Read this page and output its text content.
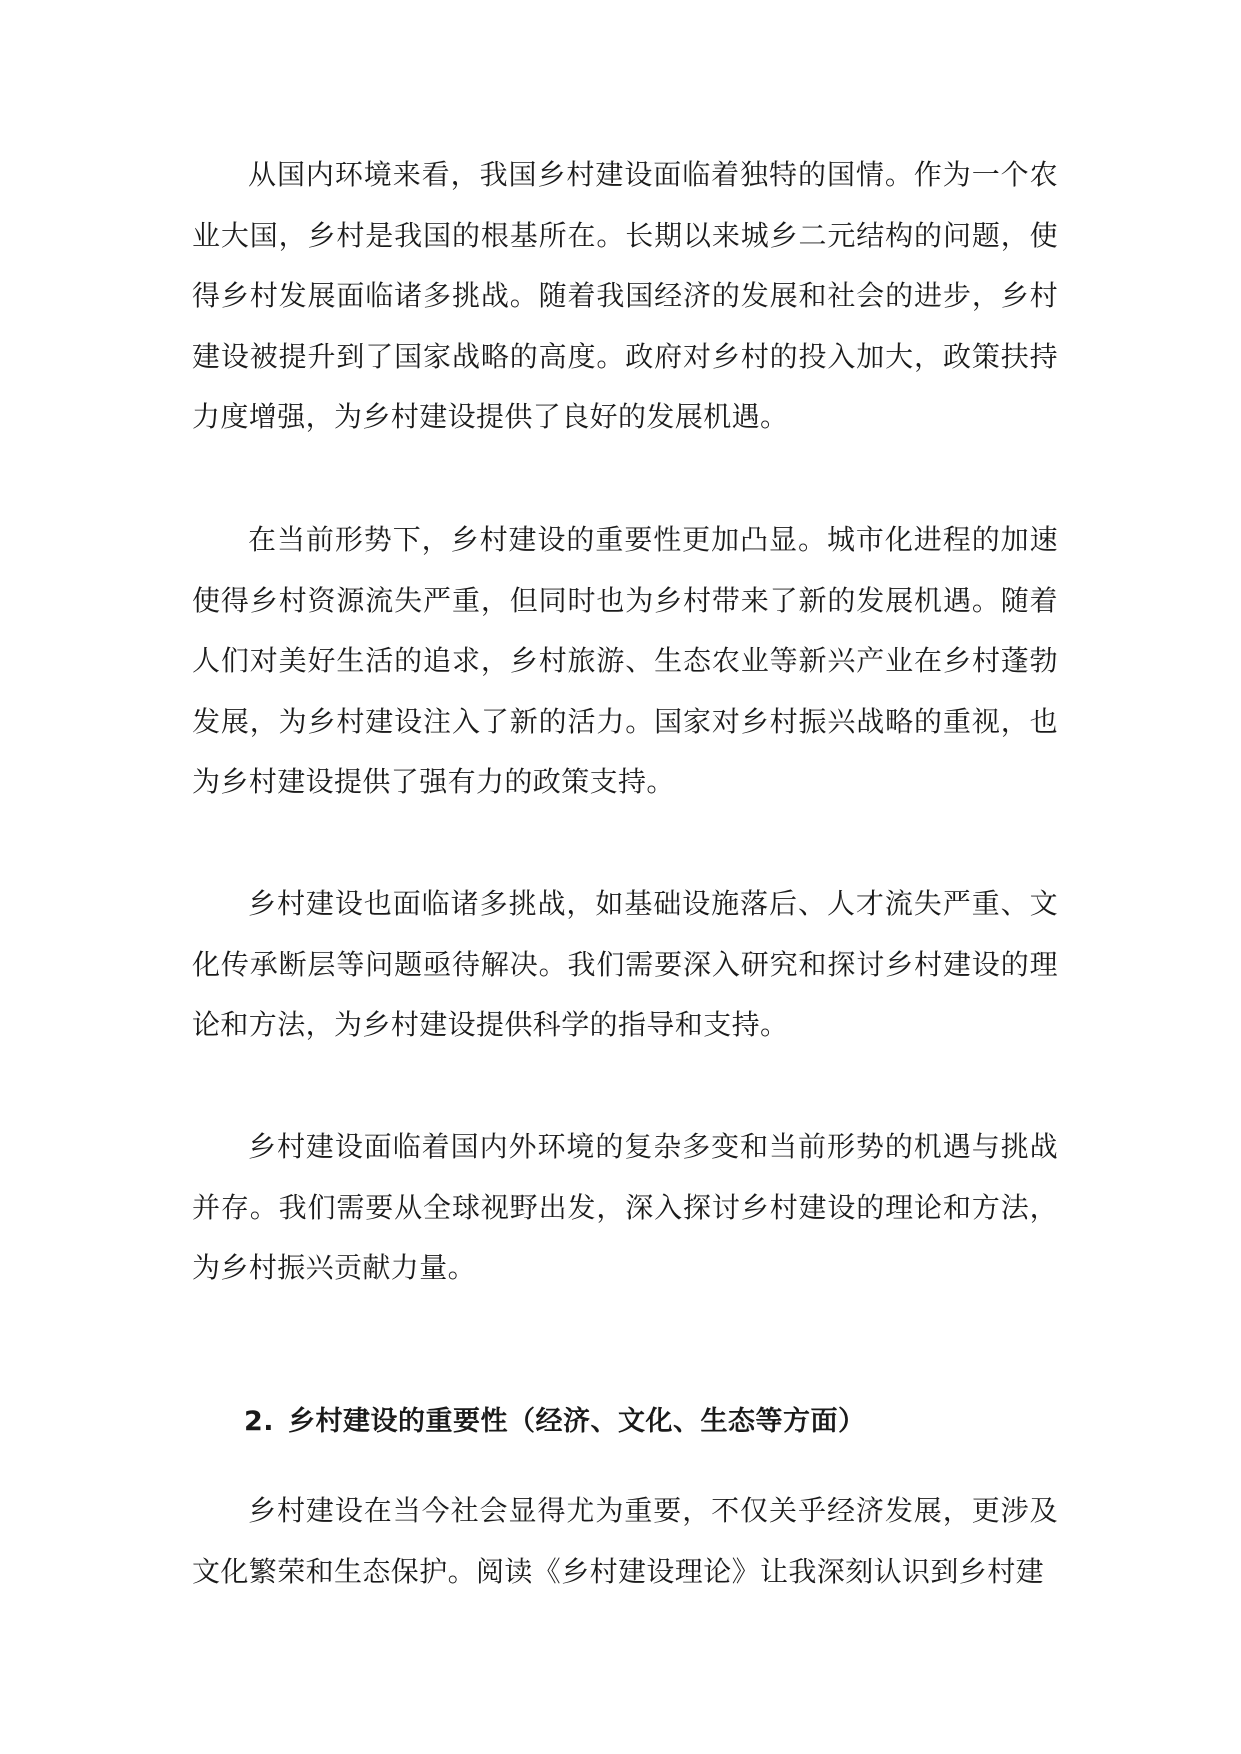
从国内环境来看，我国乡村建设面临着独特的国情。作为一个农业大国，乡村是我国的根基所在。长期以来城乡二元结构的问题，使得乡村发展面临诸多挑战。随着我国经济的发展和社会的进步，乡村建设被提升到了国家战略的高度。政府对乡村的投入加大，政策扶持力度增强，为乡村建设提供了良好的发展机遇。

在当前形势下，乡村建设的重要性更加凸显。城市化进程的加速使得乡村资源流失严重，但同时也为乡村带来了新的发展机遇。随着人们对美好生活的追求，乡村旅游、生态农业等新兴产业在乡村蓬勃发展，为乡村建设注入了新的活力。国家对乡村振兴战略的重视，也为乡村建设提供了强有力的政策支持。

乡村建设也面临诸多挑战，如基础设施落后、人才流失严重、文化传承断层等问题亟待解决。我们需要深入研究和探讨乡村建设的理论和方法，为乡村建设提供科学的指导和支持。

乡村建设面临着国内外环境的复杂多变和当前形势的机遇与挑战并存。我们需要从全球视野出发，深入探讨乡村建设的理论和方法，为乡村振兴贡献力量。

2. 乡村建设的重要性（经济、文化、生态等方面）

乡村建设在当今社会显得尤为重要，不仅关乎经济发展，更涉及文化繁荣和生态保护。阅读《乡村建设理论》让我深刻认识到乡村建
